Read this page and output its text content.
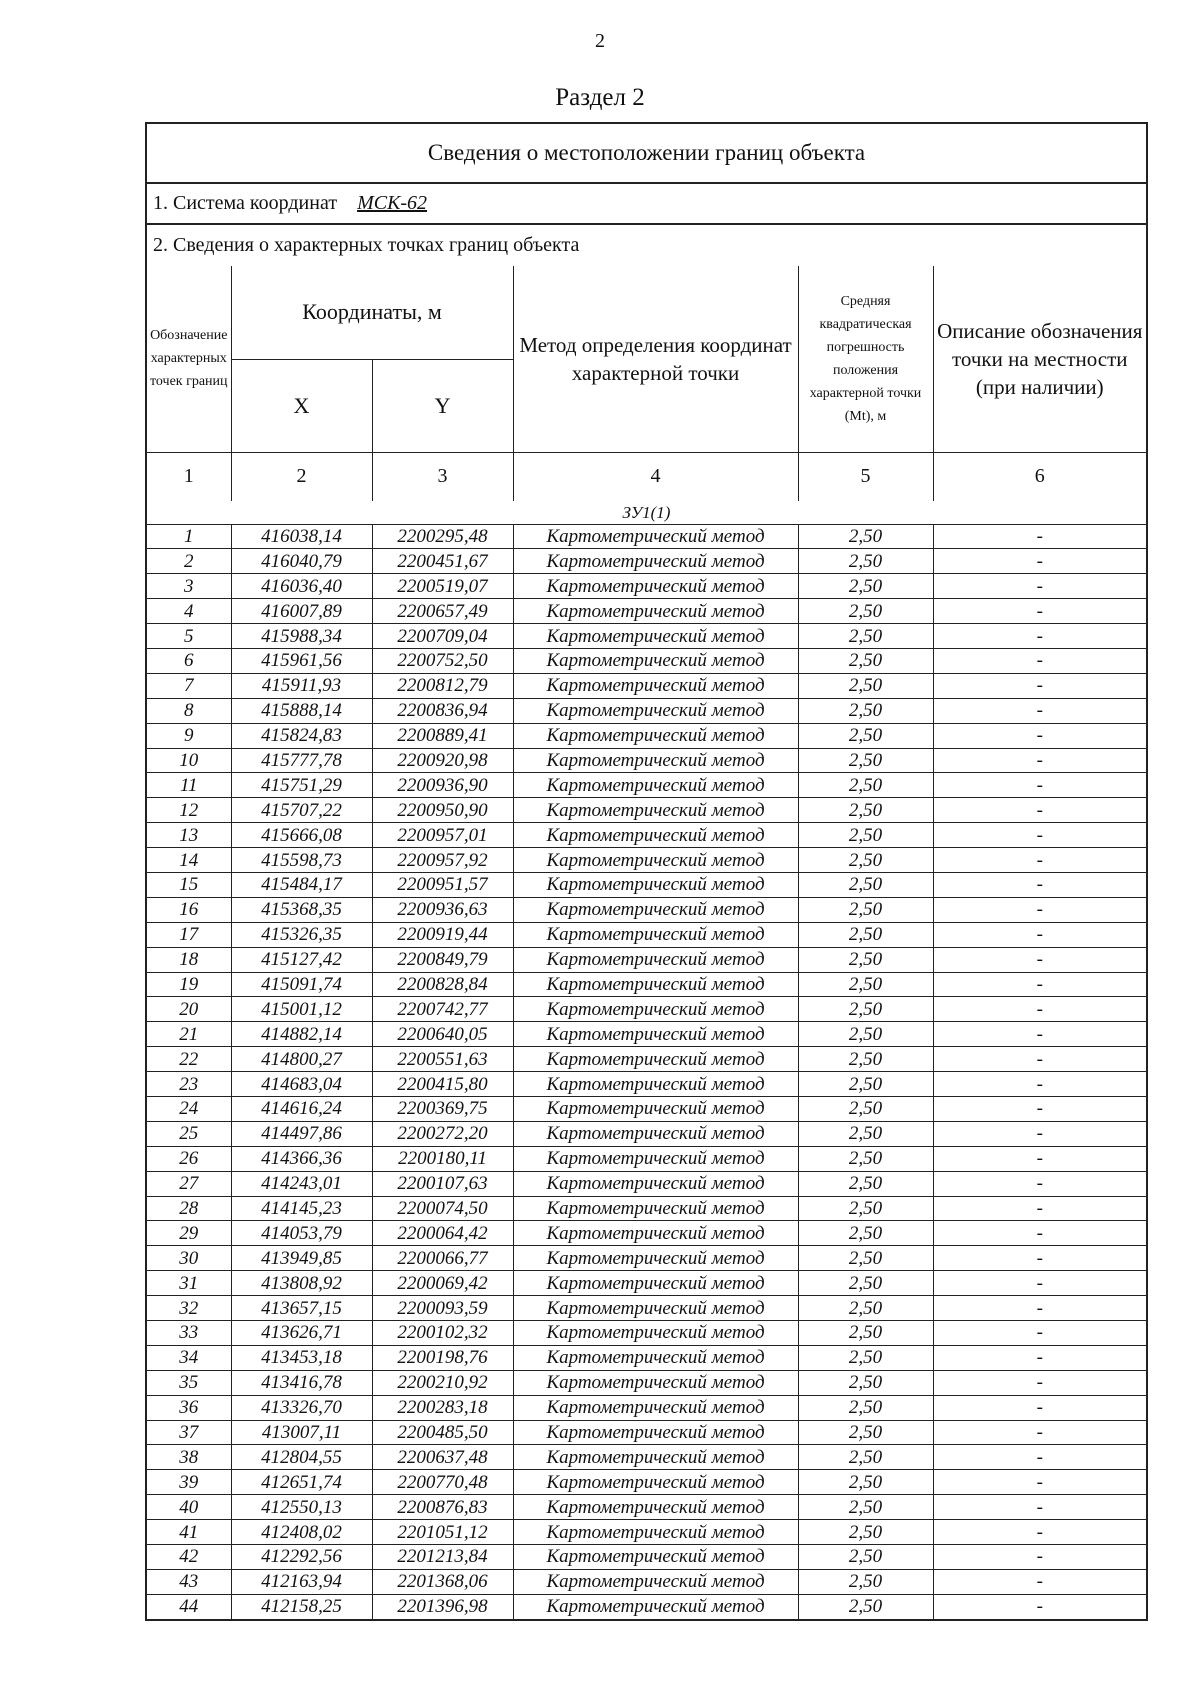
2
Раздел 2
Сведения о местоположении границ объекта
1. Система координат МСК-62
2. Сведения о характерных точках границ объекта
Обозначение характерных точек границ	Координаты, м		Метод определения координат характерной точки	Средняя квадратическая погрешность положения характерной точки (Mt), м	Описание обозначения точки на местности (при наличии)
	X	Y			
1	2	3	4	5	6
ЗУ1(1)					
1	416038,14	2200295,48	Картометрический метод	2,50	-
2	416040,79	2200451,67	Картометрический метод	2,50	-
3	416036,40	2200519,07	Картометрический метод	2,50	-
4	416007,89	2200657,49	Картометрический метод	2,50	-
5	415988,34	2200709,04	Картометрический метод	2,50	-
6	415961,56	2200752,50	Картометрический метод	2,50	-
7	415911,93	2200812,79	Картометрический метод	2,50	-
8	415888,14	2200836,94	Картометрический метод	2,50	-
9	415824,83	2200889,41	Картометрический метод	2,50	-
10	415777,78	2200920,98	Картометрический метод	2,50	-
11	415751,29	2200936,90	Картометрический метод	2,50	-
12	415707,22	2200950,90	Картометрический метод	2,50	-
13	415666,08	2200957,01	Картометрический метод	2,50	-
14	415598,73	2200957,92	Картометрический метод	2,50	-
15	415484,17	2200951,57	Картометрический метод	2,50	-
16	415368,35	2200936,63	Картометрический метод	2,50	-
17	415326,35	2200919,44	Картометрический метод	2,50	-
18	415127,42	2200849,79	Картометрический метод	2,50	-
19	415091,74	2200828,84	Картометрический метод	2,50	-
20	415001,12	2200742,77	Картометрический метод	2,50	-
21	414882,14	2200640,05	Картометрический метод	2,50	-
22	414800,27	2200551,63	Картометрический метод	2,50	-
23	414683,04	2200415,80	Картометрический метод	2,50	-
24	414616,24	2200369,75	Картометрический метод	2,50	-
25	414497,86	2200272,20	Картометрический метод	2,50	-
26	414366,36	2200180,11	Картометрический метод	2,50	-
27	414243,01	2200107,63	Картометрический метод	2,50	-
28	414145,23	2200074,50	Картометрический метод	2,50	-
29	414053,79	2200064,42	Картометрический метод	2,50	-
30	413949,85	2200066,77	Картометрический метод	2,50	-
31	413808,92	2200069,42	Картометрический метод	2,50	-
32	413657,15	2200093,59	Картометрический метод	2,50	-
33	413626,71	2200102,32	Картометрический метод	2,50	-
34	413453,18	2200198,76	Картометрический метод	2,50	-
35	413416,78	2200210,92	Картометрический метод	2,50	-
36	413326,70	2200283,18	Картометрический метод	2,50	-
37	413007,11	2200485,50	Картометрический метод	2,50	-
38	412804,55	2200637,48	Картометрический метод	2,50	-
39	412651,74	2200770,48	Картометрический метод	2,50	-
40	412550,13	2200876,83	Картометрический метод	2,50	-
41	412408,02	2201051,12	Картометрический метод	2,50	-
42	412292,56	2201213,84	Картометрический метод	2,50	-
43	412163,94	2201368,06	Картометрический метод	2,50	-
44	412158,25	2201396,98	Картометрический метод	2,50	-
